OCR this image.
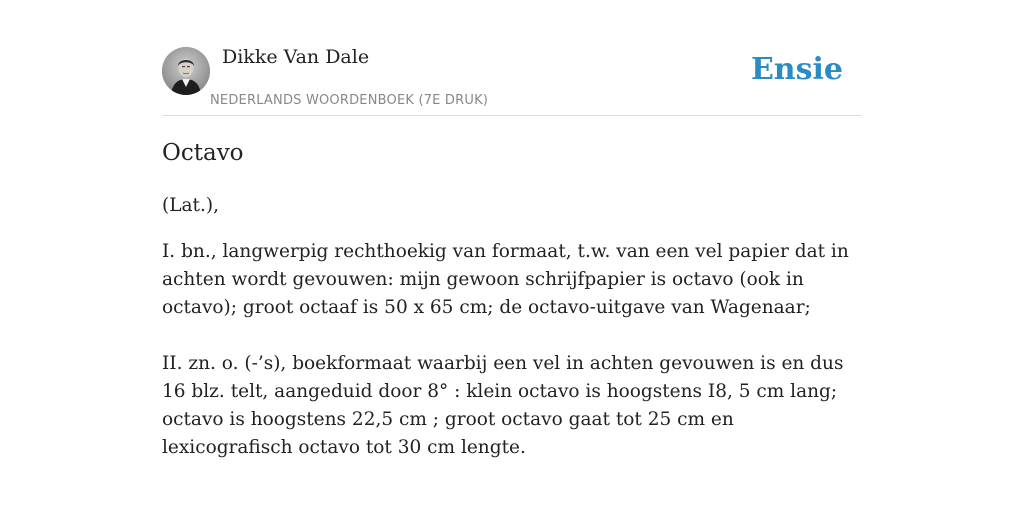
Dikke Van Dale
NEDERLANDS WOORDENBOEK (7E DRUK)
Ensie
Octavo

(Lat.),

I. bn., langwerpig rechthoekig van formaat, t.w. van een vel papier dat in achten wordt gevouwen: mijn gewoon schrijfpapier is octavo (ook in octavo); groot octaaf is 50 x 65 cm; de octavo-uitgave van Wagenaar;

II. zn. o. (-’s), boekformaat waarbij een vel in achten gevouwen is en dus 16 blz. telt, aangeduid door 8° : klein octavo is hoogstens I8, 5 cm lang; octavo is hoogstens 22,5 cm ; groot octavo gaat tot 25 cm en lexicografisch octavo tot 30 cm lengte.
